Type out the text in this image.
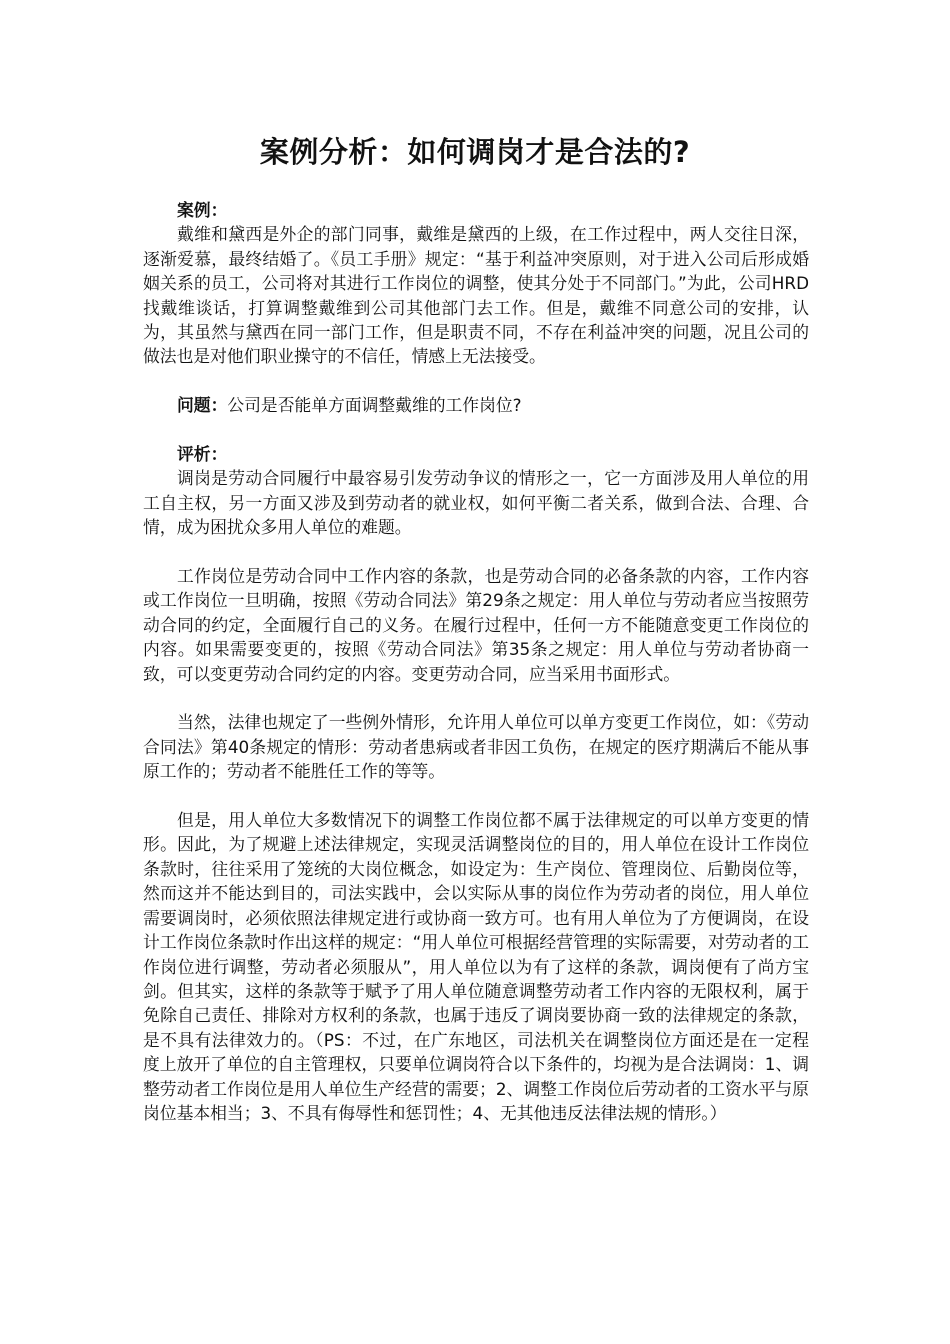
案例分析：如何调岗才是合法的?

案例：

戴维和黛西是外企的部门同事，戴维是黛西的上级，在工作过程中，两人交往日深，逐渐爱慕，最终结婚了。《员工手册》规定：“基于利益冲突原则，对于进入公司后形成婚姻关系的员工，公司将对其进行工作岗位的调整，使其分处于不同部门。”为此，公司HRD找戴维谈话，打算调整戴维到公司其他部门去工作。但是，戴维不同意公司的安排，认为，其虽然与黛西在同一部门工作，但是职责不同，不存在利益冲突的问题，况且公司的做法也是对他们职业操守的不信任，情感上无法接受。

问题：公司是否能单方面调整戴维的工作岗位?

评析：

调岗是劳动合同履行中最容易引发劳动争议的情形之一，它一方面涉及用人单位的用工自主权，另一方面又涉及到劳动者的就业权，如何平衡二者关系，做到合法、合理、合情，成为困扰众多用人单位的难题。

工作岗位是劳动合同中工作内容的条款，也是劳动合同的必备条款的内容，工作内容或工作岗位一旦明确，按照《劳动合同法》第29条之规定：用人单位与劳动者应当按照劳动合同的约定，全面履行自己的义务。在履行过程中，任何一方不能随意变更工作岗位的内容。如果需要变更的，按照《劳动合同法》第35条之规定：用人单位与劳动者协商一致，可以变更劳动合同约定的内容。变更劳动合同，应当采用书面形式。

当然，法律也规定了一些例外情形，允许用人单位可以单方变更工作岗位，如：《劳动合同法》第40条规定的情形：劳动者患病或者非因工负伤，在规定的医疗期满后不能从事原工作的；劳动者不能胜任工作的等等。

但是，用人单位大多数情况下的调整工作岗位都不属于法律规定的可以单方变更的情形。因此，为了规避上述法律规定，实现灵活调整岗位的目的，用人单位在设计工作岗位条款时，往往采用了笼统的大岗位概念，如设定为：生产岗位、管理岗位、后勤岗位等，然而这并不能达到目的，司法实践中，会以实际从事的岗位作为劳动者的岗位，用人单位需要调岗时，必须依照法律规定进行或协商一致方可。也有用人单位为了方便调岗，在设计工作岗位条款时作出这样的规定：“用人单位可根据经营管理的实际需要，对劳动者的工作岗位进行调整，劳动者必须服从”，用人单位以为有了这样的条款，调岗便有了尚方宝剑。但其实，这样的条款等于赋予了用人单位随意调整劳动者工作内容的无限权利，属于免除自己责任、排除对方权利的条款，也属于违反了调岗要协商一致的法律规定的条款，是不具有法律效力的。（PS：不过，在广东地区，司法机关在调整岗位方面还是在一定程度上放开了单位的自主管理权，只要单位调岗符合以下条件的，均视为是合法调岗：1、调整劳动者工作岗位是用人单位生产经营的需要；2、调整工作岗位后劳动者的工资水平与原岗位基本相当；3、不具有侮辱性和惩罚性；4、无其他违反法律法规的情形。）
